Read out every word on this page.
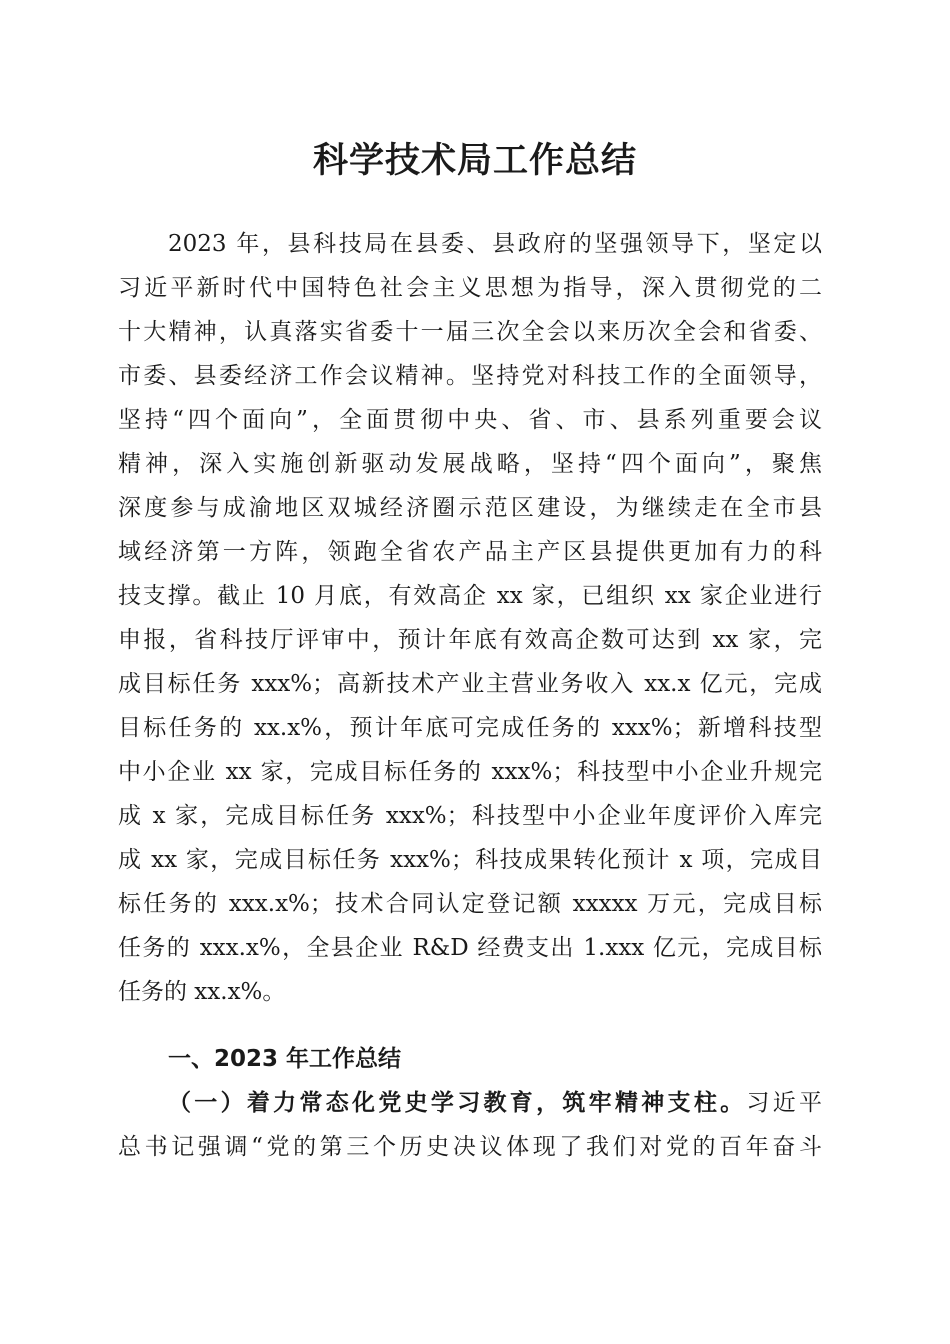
科学技术局工作总结

2023 年，县科技局在县委、县政府的坚强领导下，坚定以

习近平新时代中国特色社会主义思想为指导，深入贯彻党的二

十大精神，认真落实省委十一届三次全会以来历次全会和省委、

市委、县委经济工作会议精神。坚持党对科技工作的全面领导，

坚持“四个面向”，全面贯彻中央、省、市、县系列重要会议

精神，深入实施创新驱动发展战略，坚持“四个面向”，聚焦

深度参与成渝地区双城经济圈示范区建设，为继续走在全市县

域经济第一方阵，领跑全省农产品主产区县提供更加有力的科

技支撑。截止 10 月底，有效高企 xx 家，已组织 xx 家企业进行

申报，省科技厅评审中，预计年底有效高企数可达到 xx 家，完

成目标任务 xxx%；高新技术产业主营业务收入 xx.x 亿元，完成

目标任务的 xx.x%，预计年底可完成任务的 xxx%；新增科技型

中小企业 xx 家，完成目标任务的 xxx%；科技型中小企业升规完

成 x 家，完成目标任务 xxx%；科技型中小企业年度评价入库完

成 xx 家，完成目标任务 xxx%；科技成果转化预计 x 项，完成目

标任务的 xxx.x%；技术合同认定登记额 xxxxx 万元，完成目标

任务的 xxx.x%，全县企业 R&D 经费支出 1.xxx 亿元，完成目标

任务的 xx.x%。

一、2023 年工作总结

（一）着力常态化党史学习教育，筑牢精神支柱。习近平

总书记强调“党的第三个历史决议体现了我们对党的百年奋斗
